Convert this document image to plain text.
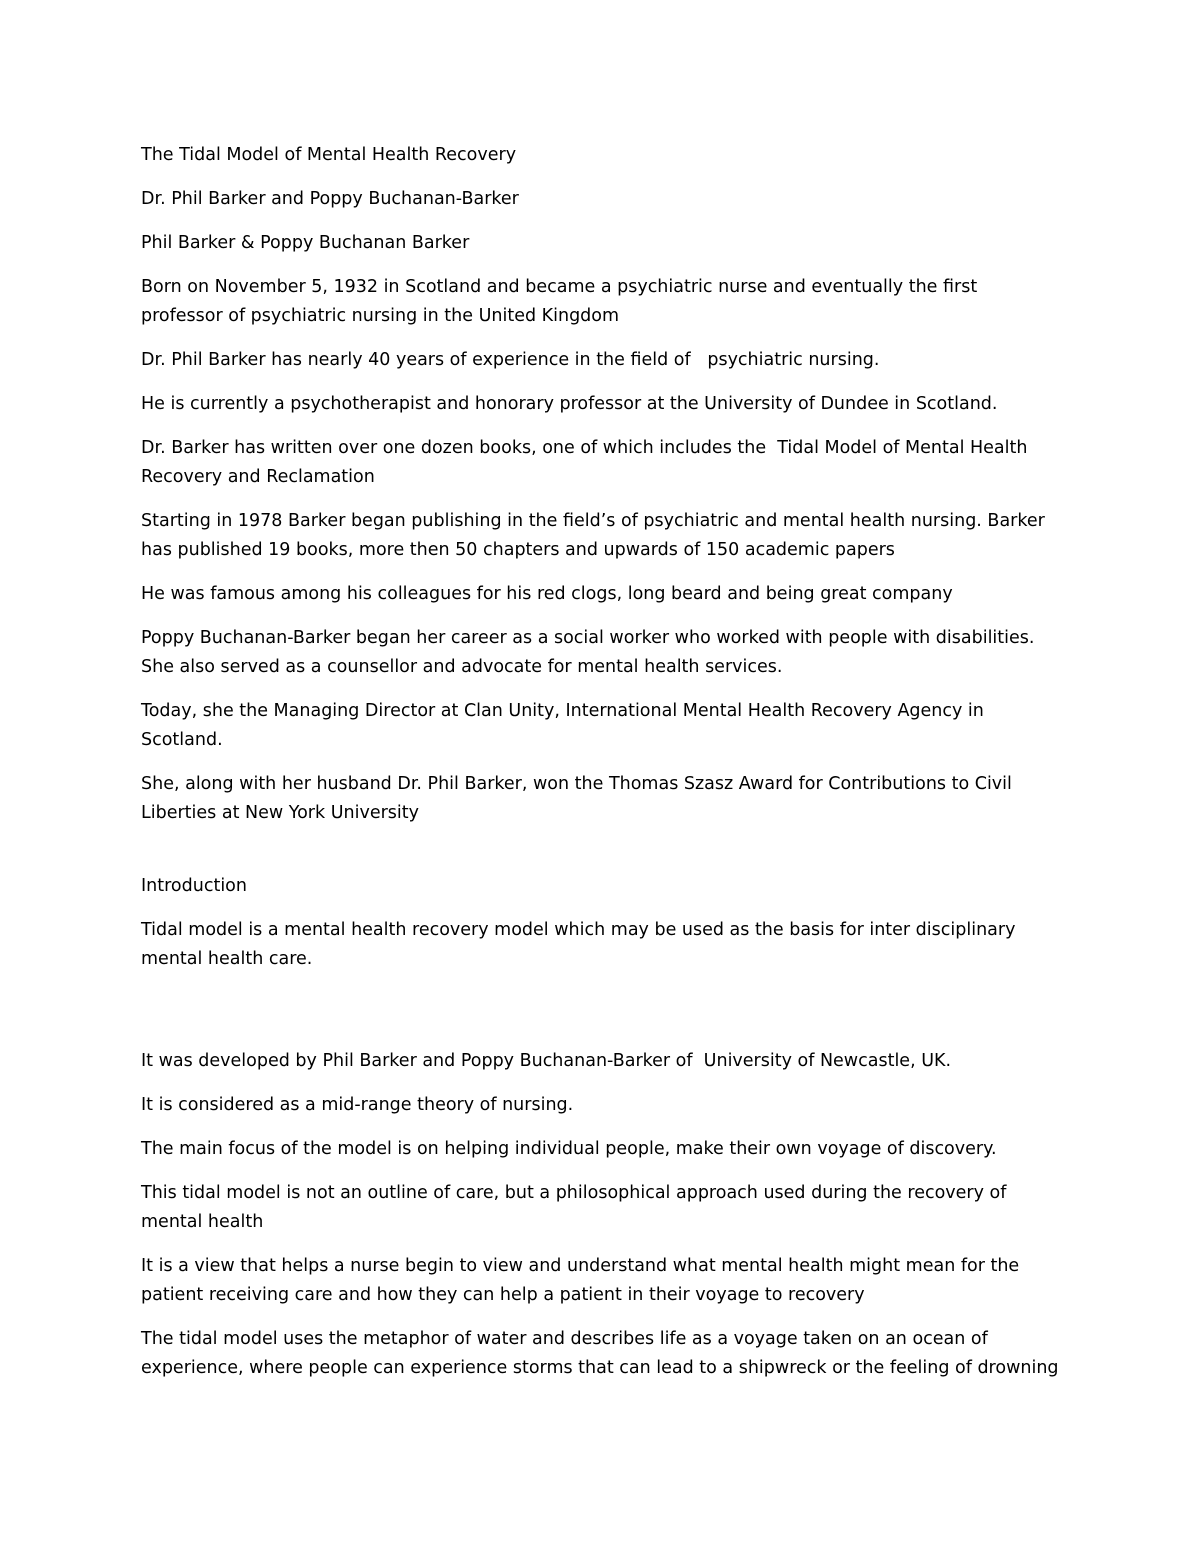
The Tidal Model of Mental Health Recovery

Dr. Phil Barker and Poppy Buchanan-Barker

Phil Barker & Poppy Buchanan Barker

Born on November 5, 1932 in Scotland and became a psychiatric nurse and eventually the first professor of psychiatric nursing in the United Kingdom

Dr. Phil Barker has nearly 40 years of experience in the field of   psychiatric nursing.

He is currently a psychotherapist and honorary professor at the University of Dundee in Scotland.

Dr. Barker has written over one dozen books, one of which includes the  Tidal Model of Mental Health Recovery and Reclamation

Starting in 1978 Barker began publishing in the field’s of psychiatric and mental health nursing. Barker has published 19 books, more then 50 chapters and upwards of 150 academic papers

He was famous among his colleagues for his red clogs, long beard and being great company

Poppy Buchanan-Barker began her career as a social worker who worked with people with disabilities. She also served as a counsellor and advocate for mental health services.

Today, she the Managing Director at Clan Unity, International Mental Health Recovery Agency in Scotland.

She, along with her husband Dr. Phil Barker, won the Thomas Szasz Award for Contributions to Civil Liberties at New York University

Introduction

Tidal model is a mental health recovery model which may be used as the basis for inter disciplinary mental health care.

It was developed by Phil Barker and Poppy Buchanan-Barker of  University of Newcastle, UK.

It is considered as a mid-range theory of nursing.

The main focus of the model is on helping individual people, make their own voyage of discovery.

This tidal model is not an outline of care, but a philosophical approach used during the recovery of mental health

It is a view that helps a nurse begin to view and understand what mental health might mean for the patient receiving care and how they can help a patient in their voyage to recovery

The tidal model uses the metaphor of water and describes life as a voyage taken on an ocean of experience, where people can experience storms that can lead to a shipwreck or the feeling of drowning
